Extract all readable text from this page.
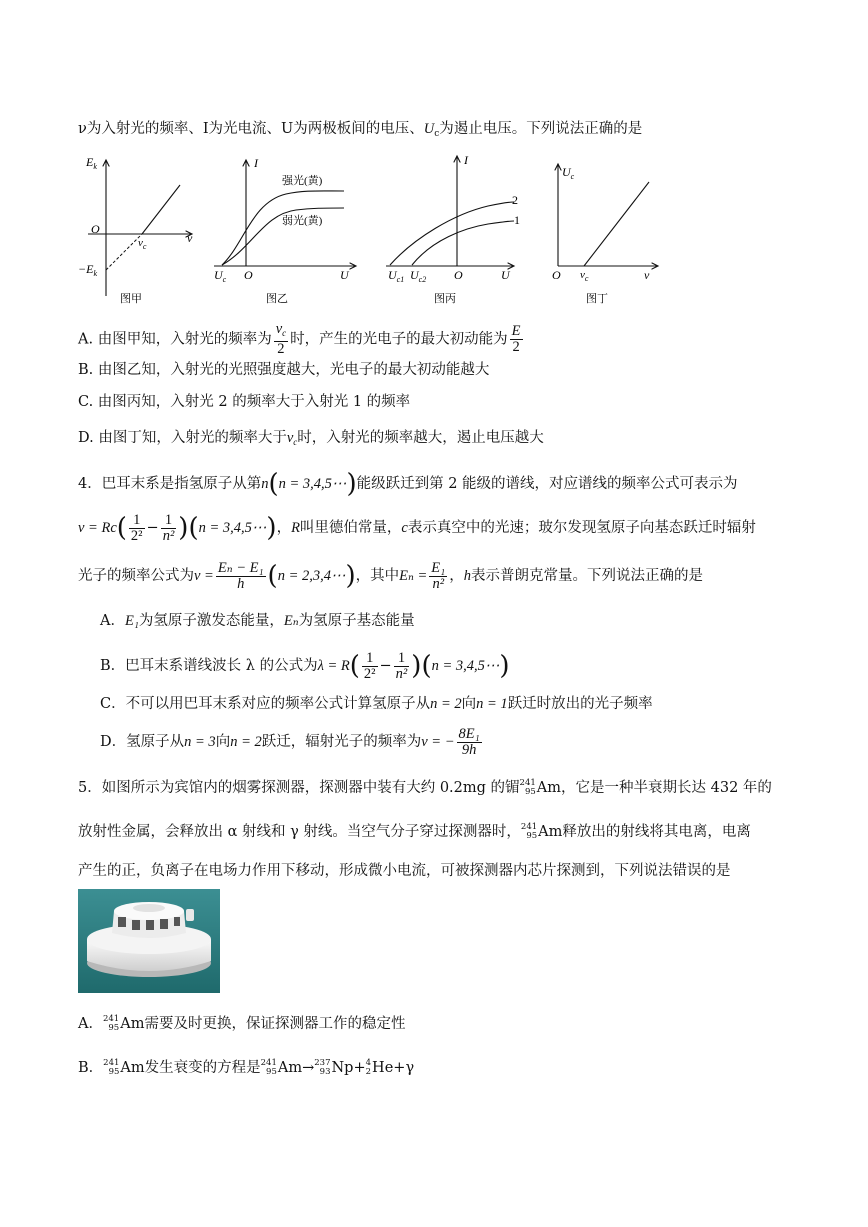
ν为入射光的频率、I为光电流、U为两极板间的电压、$U_c$为遏止电压。下列说法正确的是
$E_k$
O
ν
$\nu_c$
$-E_k$
图甲
I
强光(黄)
弱光(黄)
$U_c$ O	U
图乙
I
2
1
$U_{c1}$ $U_{c2}$ O	U
图丙
$U_c$
O $\nu_c$	ν
图丁
A. 由图甲知，入射光的频率为 $\frac{\nu_c}{2}$ 时，产生的光电子的最大初动能为 $\frac{E}{2}$
B. 由图乙知，入射光的光照强度越大，光电子的最大初动能越大
C. 由图丙知，入射光 2 的频率大于入射光 1 的频率
D. 由图丁知，入射光的频率大于$\nu_c$时，入射光的频率越大，遏止电压越大
4．巴耳末系是指氢原子从第n(n = 3,4,5⋯)能级跃迁到第 2 能级的谱线，对应谱线的频率公式可表示为
$\nu = Rc( \frac{1}{\text{2²}} - \frac{1}{\text{n²}} )(n$ = 3,4,5⋯)，R叫里德伯常量，c表示真空中的光速；玻尔发现氢原子向基态跃迁时辐射
光子的频率公式为$\nu = \frac{\text{Eₙ − E₁}}{h} (n$ = 2,3,4⋯)，其中$E_n = \frac{\text{E₁}}{\text{n²}}$ ，h表示普朗克常量。下列说法正确的是
A．E₁为氢原子激发态能量，Eₙ为氢原子基态能量
B．巴耳末系谱线波长 λ 的公式为$\lambda = R( \frac{1}{\text{2²}} - \frac{1}{\text{n²}} )(n$ = 3,4,5⋯)
C．不可以用巴耳末系对应的频率公式计算氢原子从n = 2向n = 1跃迁时放出的光子频率
D．氢原子从n = 3向n = 2跃迁，辐射光子的频率为ν = − $\frac{\text{8E₁}}{9h}$
5．如图所示为宾馆内的烟雾探测器，探测器中装有大约 0.2mg 的镅 241
95 Am，它是一种半衰期长达 432 年的
放射性金属，会释放出 α 射线和 γ 射线。当空气分子穿过探测器时， 241
95 Am释放出的射线将其电离，电离
产生的正，负离子在电场力作用下移动，形成微小电流，可被探测器内芯片探测到，下列说法错误的是
A． 241
95 Am需要及时更换，保证探测器工作的稳定性
B． 241
95 Am发生衰变的方程是 241
95 Am→ 237
93 Np+ 4
2 He+γ
